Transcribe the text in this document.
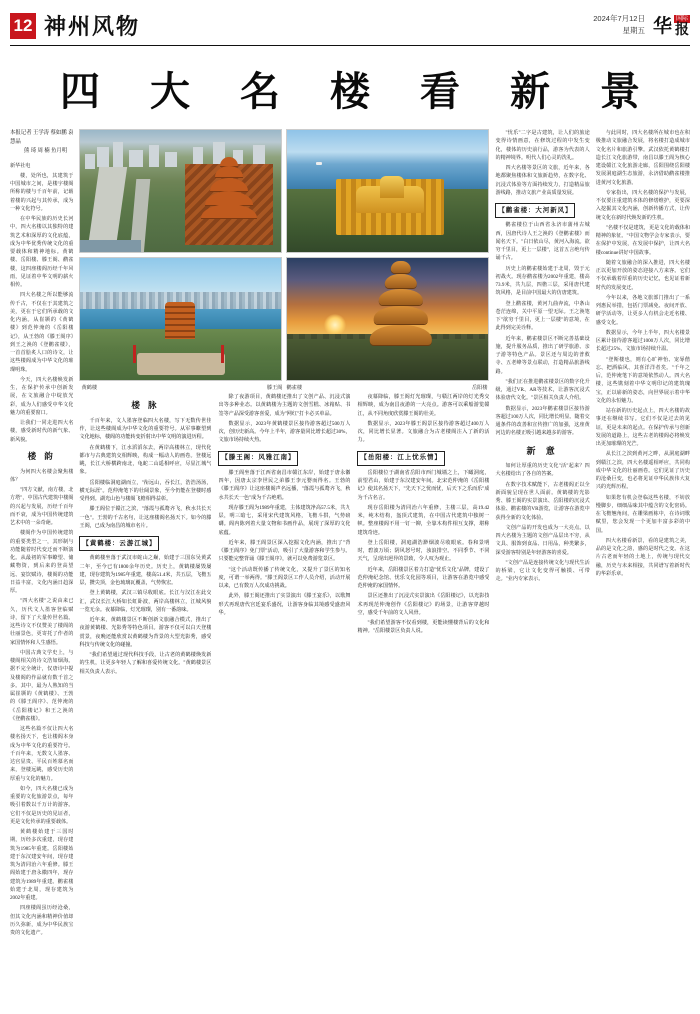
12 神州风物	2024年7月12日
星期五 华 国际
报
四 大 名 楼 看 新 景
本报记者 王学涛 蔡如鹏 袁慧晶
熊 琦 周 楠 鱼月明

新华社电

楼，处所也，其建筑于中国城市之间，是楼宇楼阁所称的楼与千百年前，记载着楼的兴起与其传承，成为一种文化符号。

在中华民族的历史长河中，四大名楼以其独特的建筑艺术和深厚的文化底蕴，成为中华优秀传统文化的重要载体和精神地标。黄鹤楼、岳阳楼、滕王阁、鹳雀楼，这四座楼阁历经千年风雨，见证着中华文明的薪火相传。

四大名楼之所以能够流传千古，不仅在于其建筑之美，更在于它们所承载的文化内涵。从崔颢的《黄鹤楼》到范仲淹的《岳阳楼记》，从王勃的《滕王阁序》到王之涣的《登鹳雀楼》，一首首脍炙人口的诗文，让这些楼阁成为中华文化的璀璨明珠。

今天，四大名楼焕发新生，在保护传承中创新发展，在文旅融合中绽放光彩，成为人们感受中华文化魅力的重要窗口。

让我们一同走进四大名楼，感受新时代的新气象、新风貌。

楼 韵

为何四大名楼会聚焦楼体？

"四方文献，南方楼，北方塔"，中国古代建筑中楼阁的兴起与发展，历经千百年而不衰，成为中国传统建筑艺术中的一朵奇葩。

楼阁作为中国传统建筑的重要类型之一，其形制与功能随着时代变迁而不断演化。从最初的军事瞭望、储藏物资，到后来的登高望远、宴饮赋诗，楼阁的功能日益丰富，文化内涵日趋深厚。

"四大名楼"之说由来已久，历代文人墨客登临赋诗，留下了大量传世名篇。这些诗文不仅赞美了楼阁的壮丽景色，更寄托了作者的家国情怀和人生感悟。

中国古典文学史上，与楼阁相关的诗文浩如烟海。据不完全统计，仅唐诗中提及楼阁的作品就有数千首之多。其中，最为人熟知的当属崔颢的《黄鹤楼》、王勃的《滕王阁序》、范仲淹的《岳阳楼记》和王之涣的《登鹳雀楼》。

这些名篇不仅让四大名楼名扬天下，也让楼阁本身成为中华文化的重要符号。千百年来，无数文人墨客、达官显贵、平民百姓慕名而来，登楼远眺，感受历史的厚重与文化的魅力。

如今，四大名楼已成为重要的文化旅游景点，每年吸引着数以千万计的游客。它们不仅是历史的见证者，更是文化传承的重要载体。

黄鹤楼始建于三国时期，历经多次重建，现存建筑为1985年重建。岳阳楼始建于东汉建安年间，现存建筑为清同治六年重修。滕王阁始建于唐永徽四年，现存建筑为1989年重建。鹳雀楼始建于北周，现存建筑为2002年重建。

四座楼阁虽历经沧桑，但其文化内涵和精神价值却历久弥新，成为中华民族宝贵的文化遗产。

黄鹤楼	滕王阁 鹳雀楼	岳阳楼
楼 脉

千百年来，文人墨客登临四大名楼，写下无数传世佳作，让这些楼阁成为中华文化的重要符号。从军事瞭望到文化地标，楼阁的功能转变折射出中华文明的演进历程。

在黄鹤楼下，江水滔滔东去，两岸高楼林立，现代化都市与古典建筑交相辉映，构成一幅动人的画卷。登楼远眺，长江大桥横跨南北，龟蛇二山遥相呼应，尽显江城气象。

岳阳楼临洞庭湖而立，"衔远山，吞长江，浩浩汤汤，横无际涯"。范仲淹笔下的壮阔景象，至今仍能在登楼时感受得到。湖光山色与楼阁飞檐相得益彰。

滕王阁位于赣江之滨，"落霞与孤鹜齐飞，秋水共长天一色"。王勃的千古名句，让这座楼阁名扬天下。如今的滕王阁，已成为南昌的城市名片。

【黄鹤楼：云游江城】

黄鹤楼坐落于武汉市蛇山之巅，始建于三国东吴黄武二年，至今已有1800余年历史。历史上，黄鹤楼屡毁屡建，现存建筑为1985年重建，楼高51.4米，共五层，飞檐五层，攒尖顶，金色琉璃瓦覆盖，气势恢宏。

登上黄鹤楼，武汉三镇尽收眼底。长江与汉江在此交汇，武汉长江大桥如长虹卧波，两岸高楼林立，江城风貌一览无余。夜幕降临，灯光璀璨，别有一番韵味。

近年来，黄鹤楼景区不断创新文旅融合模式，推出了夜游黄鹤楼、光影秀等特色项目。游客不仅可以白天登楼赏景，夜晚还能欣赏以黄鹤楼为背景的大型光影秀，感受科技与传统文化的碰撞。

"我们希望通过现代科技手段，让古老的黄鹤楼焕发新的生机，让更多年轻人了解和喜爱传统文化。"黄鹤楼景区相关负责人表示。

除了夜游项目，黄鹤楼还推出了文创产品、沉浸式演出等多种业态。以黄鹤楼为主题的文创雪糕、冰箱贴、书签等产品深受游客喜爱，成为"网红"打卡必买单品。

数据显示，2023年黄鹤楼景区接待游客超过500万人次，创历史新高。今年上半年，游客量同比增长超过30%，文旅市场持续火热。

【滕王阁：风雅江南】

滕王阁坐落于江西省南昌市赣江东岸，始建于唐永徽四年，因唐太宗李世民之弟滕王李元婴而得名。王勃的《滕王阁序》让这座楼阁声名远播，"落霞与孤鹜齐飞，秋水共长天一色"成为千古绝唱。

现存滕王阁为1989年重建，主体建筑净高57.5米，共九层，明三暗七，采用宋代建筑风格，飞檐斗拱，气势磅礴。阁内陈列着大量文物和书画作品，展现了深厚的文化底蕴。

近年来，滕王阁景区深入挖掘文化内涵，推出了"背《滕王阁序》免门票"活动，吸引了大量游客和学生参与。只要能完整背诵《滕王阁序》，就可以免费游览景区。

"这个活动既传播了传统文化，又提升了景区的知名度，可谓一举两得。"滕王阁景区工作人员介绍，活动开展以来，已有数万人次成功挑战。

此外，滕王阁还推出了实景演出《滕王宴乐》，以歌舞形式再现唐代宫廷宴乐盛况，让游客身临其境感受盛唐风华。

夜幕降临，滕王阁灯光璀璨，与赣江两岸的灯光秀交相辉映，成为南昌夜游的一大亮点。游客可以乘船游览赣江，从不同角度欣赏滕王阁的壮美。

数据显示，2023年滕王阁景区接待游客超过400万人次，同比增长显著。文旅融合为古老楼阁注入了新的活力。

【岳阳楼：江上忧乐情】

岳阳楼位于湖南省岳阳市西门城墙之上，下瞰洞庭，前望君山，始建于东汉建安年间。北宋范仲淹的《岳阳楼记》使其名扬天下，"先天下之忧而忧，后天下之乐而乐"成为千古名言。

现存岳阳楼为清同治六年重修，主楼三层，高19.42米，纯木结构，盔顶式建筑，在中国古代建筑中独树一帜。整座楼阁不用一钉一铆，全靠木构件相互支撑，堪称建筑奇迹。

登上岳阳楼，洞庭湖浩渺烟波尽收眼底。春和景明时，碧波万顷；阴风怒号时，浊浪排空。不同季节、不同天气，呈现出迥异的景致，令人叹为观止。

近年来，岳阳楼景区着力打造"忧乐文化"品牌，建设了范仲淹纪念馆、忧乐文化园等项目，让游客在游览中感受范仲淹的家国情怀。

景区还推出了沉浸式实景演出《岳阳楼记》，以光影技术再现范仲淹创作《岳阳楼记》的场景，让游客穿越时空，感受千年前的文人风骨。

"我们希望游客不仅看到楼，更能读懂楼背后的文化和精神。"岳阳楼景区负责人说。

"忧乐"二字是古建筑，让人们的旅途变得诗情画意，在修筑过程的中发生变化，楼体的历史前行品，游客为代表的人的精神境界。明代人们心灵的洗礼。

四大名楼等景区的文旅，近年来，各地都聚焦楼体和文旅新趋势，在数字化、沉浸式体验等方面持续发力，打造精品旅游线路，推动文旅产业高质量发展。

【鹳雀楼：大河新风】

鹳雀楼位于山西省永济市蒲州古城西，因唐代诗人王之涣的《登鹳雀楼》而闻名天下。"白日依山尽，黄河入海流。欲穷千里目，更上一层楼"，这首五言绝句传诵千古。

历史上的鹳雀楼始建于北周，毁于元初战火。现存鹳雀楼为2002年重建，楼高73.9米，共九层，四檐三层，采用唐代建筑风格，是目前中国最大的仿唐建筑。

登上鹳雀楼，黄河九曲奔流，中条山苍茫连绵，关中平原一望无际。王之涣笔下"欲穷千里目，更上一层楼"的意境，在此得到完美诠释。

近年来，鹳雀楼景区不断完善基础设施，提升服务品质，推出了研学旅游、亲子游等特色产品。景区还与周边的普救寺、五老峰等景点联动，打造精品旅游线路。

"我们正在推进鹳雀楼景区的数字化升级，通过VR、AR等技术，让游客沉浸式体验唐代文化。"景区相关负责人介绍。

数据显示，2023年鹳雀楼景区接待游客超过100万人次，同比增长明显。随着交通条件的改善和宣传推广的加强，这座黄河边的名楼正吸引越来越多的游客。

新 意

如何让厚重的历史文化"活"起来？四大名楼给出了各自的答案。

在数字技术赋能下，古老楼阁正以全新面貌呈现在世人面前。黄鹤楼的光影秀、滕王阁的实景演出、岳阳楼的沉浸式体验、鹳雀楼的VR游览，让游客在游览中获得全新的文化体验。

文创产品的开发也成为一大亮点。以四大名楼为主题的文创产品层出不穷，从文具、服饰到食品、日用品，种类繁多，深受游客特别是年轻游客的喜爱。

"文创产品是连接传统文化与现代生活的桥梁，它让文化变得可触摸、可带走。"业内专家表示。

与此同时，四大名楼所在城市也在积极推动文旅融合发展，将名楼打造成城市文化名片和旅游引擎。武汉依托黄鹤楼打造长江文化旅游带，南昌以滕王阁为核心建设赣江文化旅游走廊，岳阳围绕岳阳楼发展洞庭湖生态旅游，永济借助鹳雀楼推进黄河文化旅游。

专家指出，四大名楼的保护与发展，不仅要注重建筑本体的修缮维护，更要深入挖掘其文化内涵，创新传播方式，让传统文化在新时代焕发新的生机。

"名楼不仅是建筑，更是文化的载体和精神的象征。"中国文物学会专家表示，要在保护中发展，在发展中保护，让四大名楼continue讲好中国故事。

随着文旅融合的深入推进，四大名楼正以更加开放的姿态迎接八方来客。它们不仅承载着厚重的历史记忆，也见证着新时代的发展变迁。

今年以来，各地文旅部门推出了一系列惠民举措，包括门票减免、夜间开放、研学活动等，让更多人有机会走近名楼、感受文化。

数据显示，今年上半年，四大名楼景区累计接待游客超过1000万人次，同比增长超过25%，文旅市场持续升温。

"登斯楼也，则有心旷神怡、宠辱偕忘、把酒临风、其喜洋洋者矣。"千年之后，范仲淹笔下的意境依然动人。四大名楼，这些镌刻着中华文明印记的建筑瑰宝，正以崭新的姿态，向世界展示着中华文化的永恒魅力。

站在新的历史起点上，四大名楼的故事还在继续书写。它们不仅是过去的见证，更是未来的起点。在保护传承与创新发展的道路上，这些古老的楼阁必将焕发出更加璀璨的光芒。

从长江之滨到黄河之畔，从洞庭湖畔到赣江之滨，四大名楼遥相呼应，共同构成中华文化的壮丽画卷。它们见证了历史的沧桑巨变，也必将见证中华民族伟大复兴的光辉历程。

如果您有机会登临这些名楼，不妨放慢脚步，细细品味其中蕴含的文化密码。在飞檐翘角间，在雕梁画栋中，在诗词歌赋里，您会发现一个更加丰富多彩的中国。

四大名楼看新景，看的是建筑之美，品的是文化之韵，感的是时代之变。在这片古老而年轻的土地上，传统与现代交融，历史与未来相接，共同谱写着新时代的华彩乐章。
